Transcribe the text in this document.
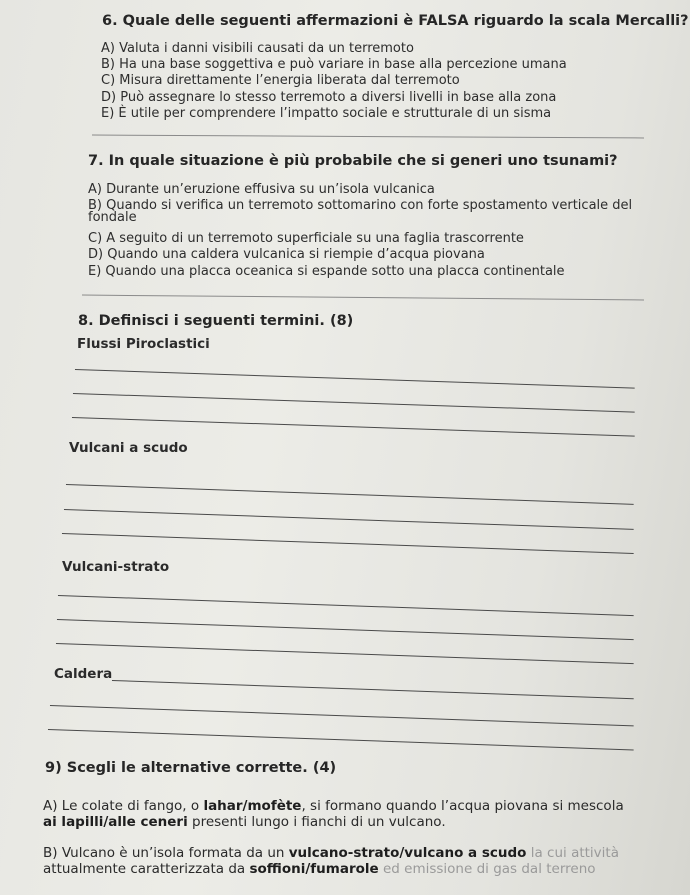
6. Quale delle seguenti affermazioni è FALSA riguardo la scala Mercalli?
A) Valuta i danni visibili causati da un terremoto
B) Ha una base soggettiva e può variare in base alla percezione umana
C) Misura direttamente l’energia liberata dal terremoto
D) Può assegnare lo stesso terremoto a diversi livelli in base alla zona
E) È utile per comprendere l’impatto sociale e strutturale di un sisma
7. In quale situazione è più probabile che si generi uno tsunami?
A) Durante un’eruzione effusiva su un’isola vulcanica
B) Quando si verifica un terremoto sottomarino con forte spostamento verticale del
fondale
C) A seguito di un terremoto superficiale su una faglia trascorrente
D) Quando una caldera vulcanica si riempie d’acqua piovana
E) Quando una placca oceanica si espande sotto una placca continentale
8. Definisci i seguenti termini. (8)
Flussi Piroclastici
Vulcani a scudo
Vulcani-strato
Caldera
9) Scegli le alternative corrette. (4)
A) Le colate di fango, o lahar/mofète, si formano quando l’acqua piovana si mescola
ai lapilli/alle ceneri presenti lungo i fianchi di un vulcano.
B) Vulcano è un’isola formata da un vulcano-strato/vulcano a scudo la cui attività
attualmente caratterizzata da soffioni/fumarole ed emissione di gas dal terreno
